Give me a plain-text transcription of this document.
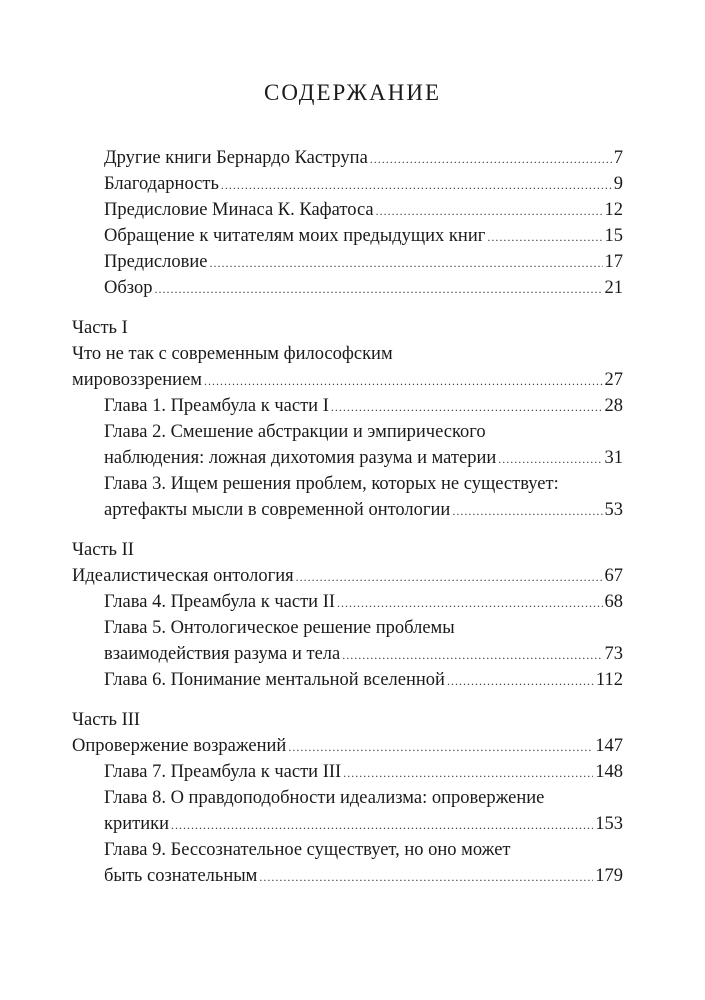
СОДЕРЖАНИЕ
Другие книги Бернардо Каструпа .....	7
Благодарность .....	9
Предисловие Минаса К. Кафатоса .....	12
Обращение к читателям моих предыдущих книг .....	15
Предисловие .....	17
Обзор .....	21
Часть I
Что не так с современным философским
мировоззрением .....	27
Глава 1. Преамбула к части I .....	28
Глава 2. Смешение абстракции и эмпирического
наблюдения: ложная дихотомия разума и материи .....	31
Глава 3. Ищем решения проблем, которых не существует:
артефакты мысли в современной онтологии .....	53
Часть II
Идеалистическая онтология .....	67
Глава 4. Преамбула к части II .....	68
Глава 5. Онтологическое решение проблемы
взаимодействия разума и тела .....	73
Глава 6. Понимание ментальной вселенной .....	112
Часть III
Опровержение возражений .....	147
Глава 7. Преамбула к части III .....	148
Глава 8. О правдоподобности идеализма: опровержение
критики .....	153
Глава 9. Бессознательное существует, но оно может
быть сознательным .....	179
